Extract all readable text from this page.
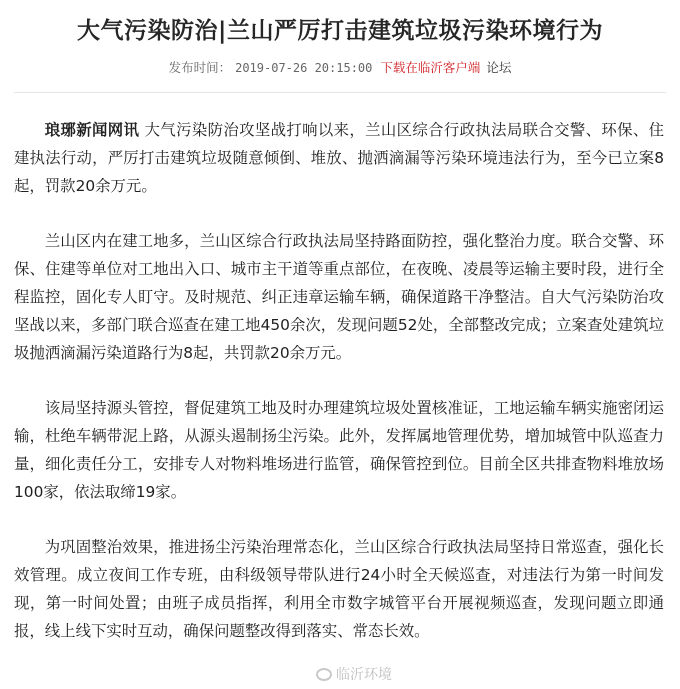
大气污染防治|兰山严厉打击建筑垃圾污染环境行为
发布时间： 2019-07-26 20:15:00 下载在临沂客户端 论坛

琅琊新闻网讯 大气污染防治攻坚战打响以来，兰山区综合行政执法局联合交警、环保、住建执法行动，严厉打击建筑垃圾随意倾倒、堆放、抛洒滴漏等污染环境违法行为，至今已立案8起，罚款20余万元。

兰山区内在建工地多，兰山区综合行政执法局坚持路面防控，强化整治力度。联合交警、环保、住建等单位对工地出入口、城市主干道等重点部位，在夜晚、凌晨等运输主要时段，进行全程监控，固化专人盯守。及时规范、纠正违章运输车辆，确保道路干净整洁。自大气污染防治攻坚战以来，多部门联合巡查在建工地450余次，发现问题52处，全部整改完成；立案查处建筑垃圾抛洒滴漏污染道路行为8起，共罚款20余万元。

该局坚持源头管控，督促建筑工地及时办理建筑垃圾处置核准证，工地运输车辆实施密闭运输，杜绝车辆带泥上路，从源头遏制扬尘污染。此外，发挥属地管理优势，增加城管中队巡查力量，细化责任分工，安排专人对物料堆场进行监管，确保管控到位。目前全区共排查物料堆放场100家，依法取缔19家。

为巩固整治效果，推进扬尘污染治理常态化，兰山区综合行政执法局坚持日常巡查，强化长效管理。成立夜间工作专班，由科级领导带队进行24小时全天候巡查，对违法行为第一时间发现，第一时间处置；由班子成员指挥，利用全市数字城管平台开展视频巡查，发现问题立即通报，线上线下实时互动，确保问题整改得到落实、常态长效。

临沂环境
